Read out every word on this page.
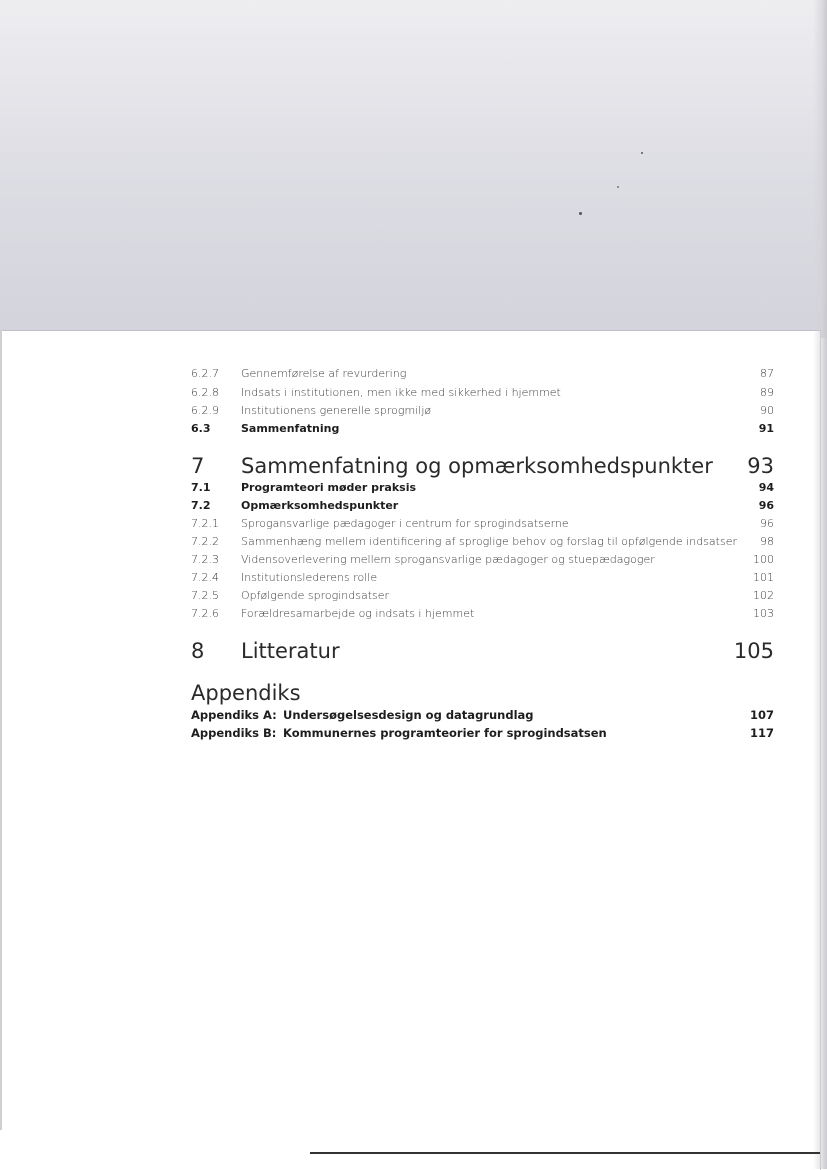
6.2.7 Gennemførelse af revurdering	87
6.2.8 Indsats i institutionen, men ikke med sikkerhed i hjemmet	89
6.2.9 Institutionens generelle sprogmiljø	90
6.3	Sammenfatning	91
7 Sammenfatning og opmærksomhedspunkter 93
7.1	Programteori møder praksis	94
7.2	Opmærksomhedspunkter	96
7.2.1 Sprogansvarlige pædagoger i centrum for sprogindsatserne	96
7.2.2 Sammenhæng mellem identificering af sproglige behov og forslag til opfølgende indsatser 98
7.2.3 Vidensoverlevering mellem sprogansvarlige pædagoger og stuepædagoger	100
7.2.4 Institutionslederens rolle	101
7.2.5 Opfølgende sprogindsatser	102
7.2.6 Forældresamarbejde og indsats i hjemmet	103
8 Litteratur	105
Appendiks
Appendiks A: Undersøgelsesdesign og datagrundlag	107
Appendiks B: Kommunernes programteorier for sprogindsatsen	117
